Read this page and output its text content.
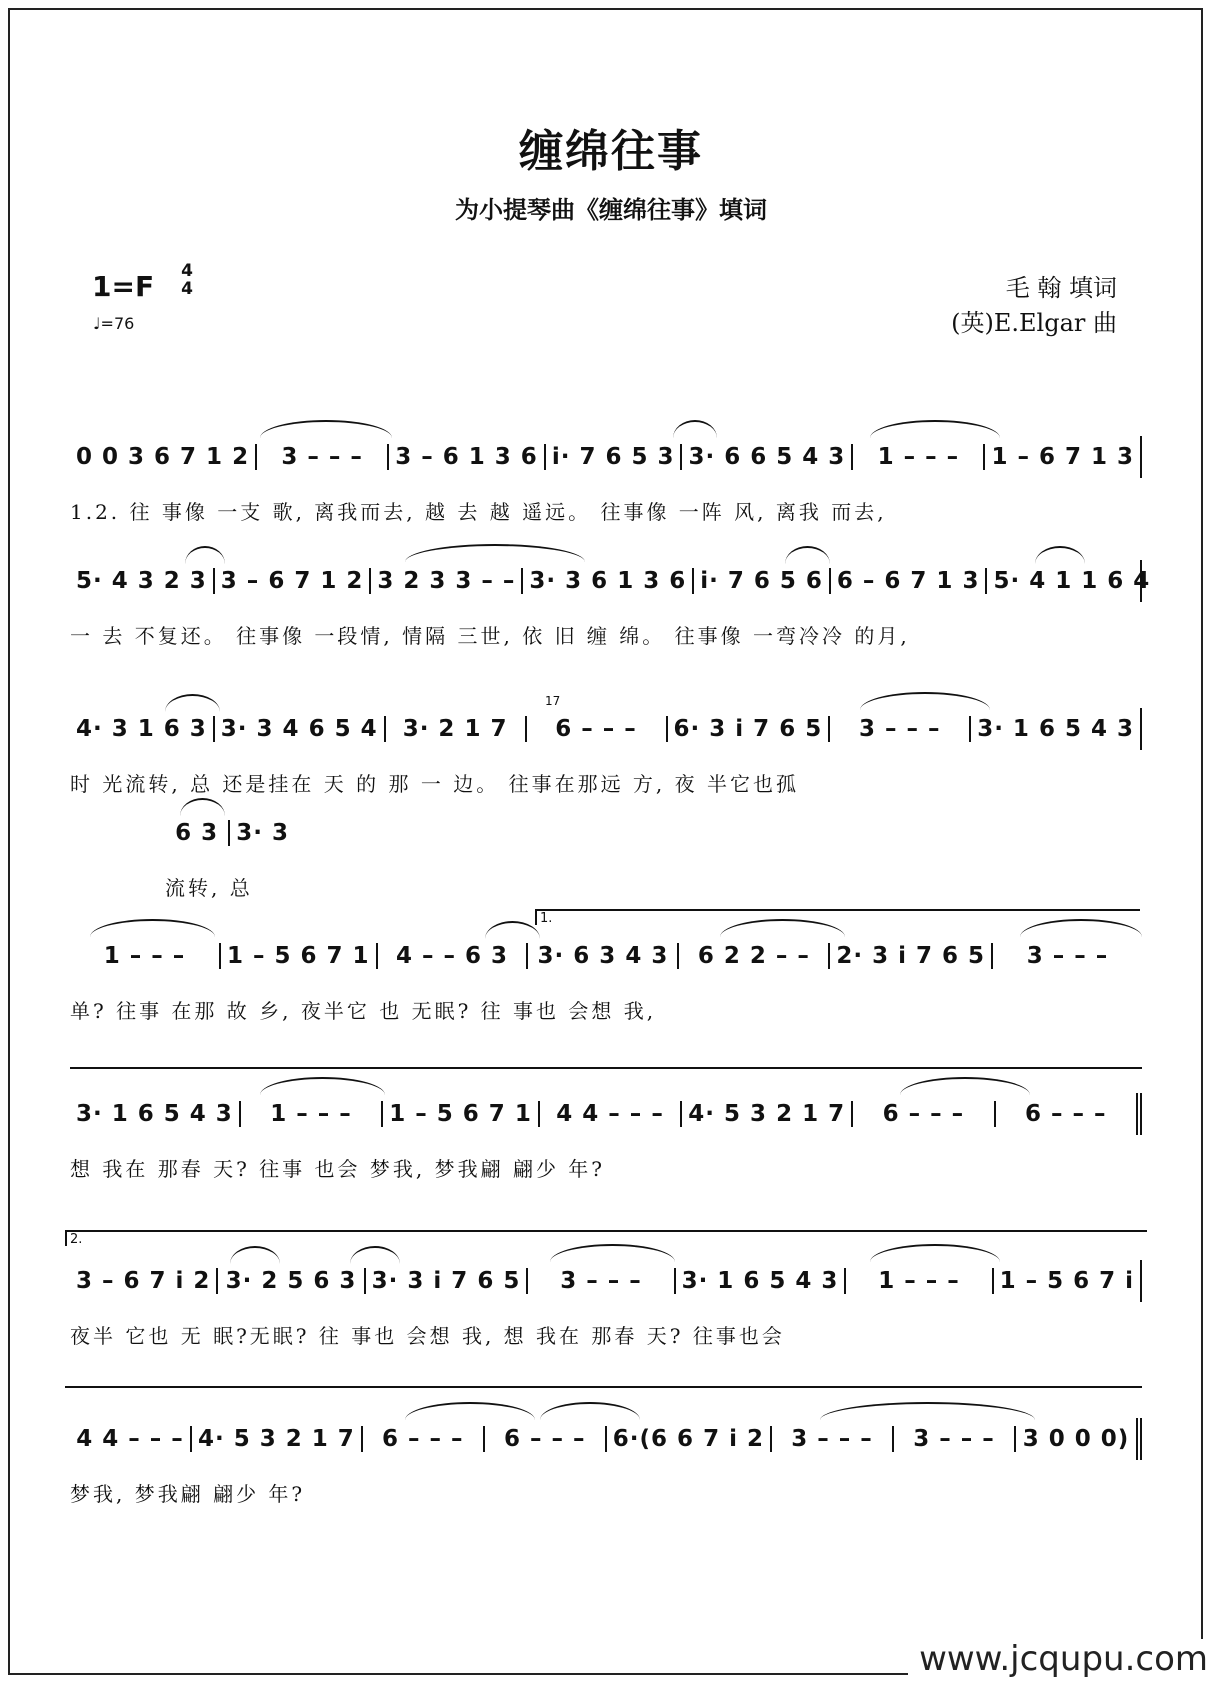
缠绵往事
为小提琴曲《缠绵往事》填词
1=F 4
4
♩=76
毛 翰 填词
(英)E.Elgar 曲
0 0 3 6 7 1 2	3 – – –	3 – 6 1 3 6 i· 7 6 5 3 3· 6 6 5 4 3	1 – – –	1 – 6 7 1 3
1.2. 往 事像 一支 歌, 离我而去, 越 去 越 遥远。 往事像 一阵 风, 离我 而去,
5· 4 3 2 3 3 – 6 7 1 2 3 2 3 3 – – 3· 3 6 1 3 6 i· 7 6 5 6 6 – 6 7 1 3 5· 4 1 1 6 4
一 去 不复还。 往事像 一段情, 情隔 三世, 依 旧 缠 绵。 往事像 一弯冷冷 的月,
17
4· 3 1 6 3 3· 3 4 6 5 4	3· 2 1 7	6 – – –	6· 3 i 7 6 5	3 – – –	3· 1 6 5 4 3
时 光流转, 总 还是挂在 天 的 那 一 边。 往事在那远 方, 夜 半它也孤
6 3 3· 3
流转, 总
1.
1 – – –	1 – 5 6 7 1	4 – – 6 3	3· 6 3 4 3	6 2 2 – –	2· 3 i 7 6 5	3 – – –
单? 往事 在那 故 乡, 夜半它 也 无眠? 往 事也 会想 我,
3· 1 6 5 4 3	1 – – –	1 – 5 6 7 1	4 4 – – –	4· 5 3 2 1 7	6 – – –	6 – – –
想 我在 那春 天? 往事 也会 梦我, 梦我翩 翩少 年?
2.
3 – 6 7 i 2 3· 2 5 6 3 3· 3 i 7 6 5	3 – – –	3· 1 6 5 4 3	1 – – –	1 – 5 6 7 i
夜半 它也 无 眠?无眠? 往 事也 会想 我, 想 我在 那春 天? 往事也会
4 4 – – – 4· 5 3 2 1 7	6 – – –	6 – – –	6·(6 6 7 i 2	3 – – –	3 – – –	3 0 0 0)
梦我, 梦我翩 翩少 年?
www.jcqupu.com
